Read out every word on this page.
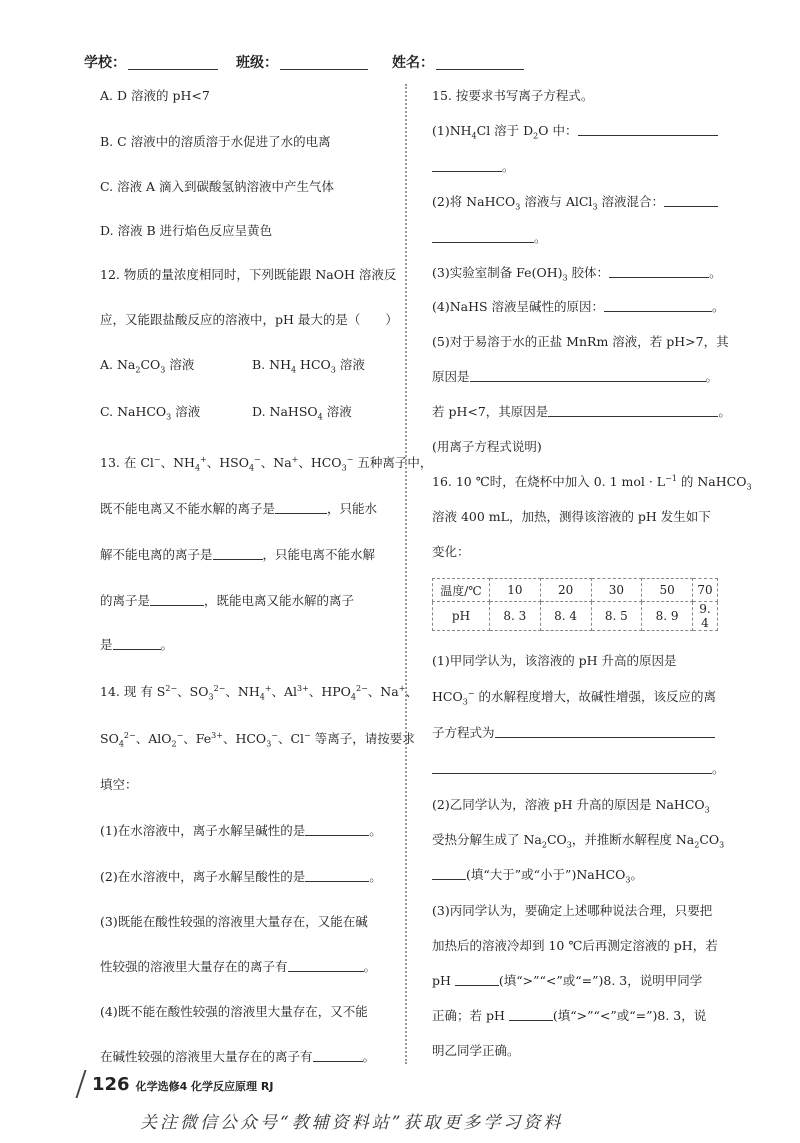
学校：	班级：	姓名：
A. D 溶液的 pH<7
B. C 溶液中的溶质溶于水促进了水的电离
C. 溶液 A 滴入到碳酸氢钠溶液中产生气体
D. 溶液 B 进行焰色反应呈黄色
12. 物质的量浓度相同时，下列既能跟 NaOH 溶液反
应，又能跟盐酸反应的溶液中，pH 最大的是（　　）
A. $Na_2CO_3$ 溶液	B. $NH_4$ $HCO_3$ 溶液
C. NaHCO$_3$ 溶液	D. NaHSO$_4$ 溶液
13. 在 Cl−、$NH_4^+$、$HSO_4^-$、Na+、$HCO_3^-$ 五种离子中，
既不能电离又不能水解的离子是	，只能水
解不能电离的离子是	，只能电离不能水解
的离子是	，既能电离又能水解的离子
是	。
14. 现 有 $S^{2-}$、$SO_3^{2-}$、$NH_4^+$、$Al^{3+}$、$HPO_4^{2-}$、Na+、
$SO_4^{2-}$、AlO$_2$−、$Fe^{3+}$、$HCO_3^-$、Cl− 等离子，请按要求
填空：
(1)在水溶液中，离子水解呈碱性的是	。
(2)在水溶液中，离子水解呈酸性的是	。
(3)既能在酸性较强的溶液里大量存在，又能在碱
性较强的溶液里大量存在的离子有	。
(4)既不能在酸性较强的溶液里大量存在，又不能
在碱性较强的溶液里大量存在的离子有	。
15. 按要求书写离子方程式。
$(1)NH_4Cl$ 溶于 $D_2O$ 中：
。
(2)将 NaHCO$_3$ 溶液与 AlCl$_3$ 溶液混合：
。
(3)实验室制备 $Fe(OH)_3$ 胶体：	。
(4)NaHS 溶液呈碱性的原因：	。
(5)对于易溶于水的正盐 MnRm 溶液，若 pH>7，其
原因是	。
若 pH<7，其原因是	。
(用离子方程式说明)
16. 10 ℃时，在烧杯中加入 0. 1 mol · $L^{-1}$ 的 NaHCO$_3$
溶液 400 mL，加热，测得该溶液的 pH 发生如下
变化：
温度/℃	10	20	30	50	70
pH	8. 3	8. 4	8. 5	8. 9	9. 4
(1)甲同学认为，该溶液的 pH 升高的原因是
$HCO_3^-$ 的水解程度增大，故碱性增强，该反应的离
子方程式为
。
(2)乙同学认为，溶液 pH 升高的原因是 NaHCO$_3$
受热分解生成了 $Na_2CO_3$，并推断水解程度 $Na_2CO_3$
(填“大于”或“小于”)NaHCO$_3$。
(3)丙同学认为，要确定上述哪种说法合理，只要把
加热后的溶液冷却到 10 ℃后再测定溶液的 pH，若
pH	(填“>”“<”或“=”)8. 3，说明甲同学
正确；若 pH	(填“>”“<”或“=”)8. 3，说
明乙同学正确。
126 化学选修4 化学反应原理 RJ
关注微信公众号“教辅资料站”获取更多学习资料
